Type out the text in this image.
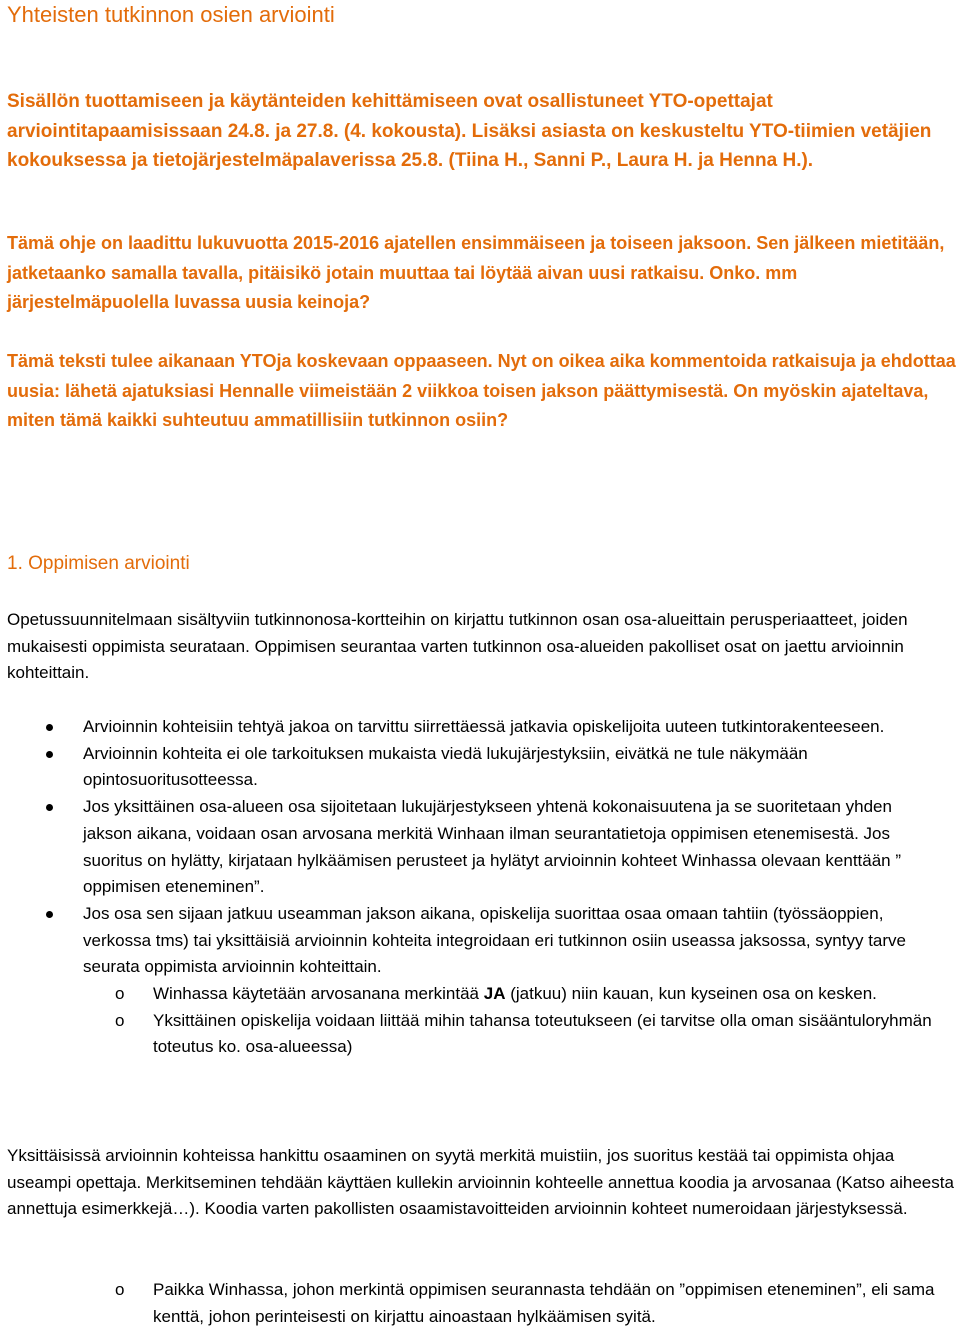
Yhteisten tutkinnon osien arviointi
Sisällön tuottamiseen ja käytänteiden kehittämiseen ovat osallistuneet YTO-opettajat arviointitapaamisissaan 24.8. ja 27.8. (4. kokousta). Lisäksi asiasta on keskusteltu YTO-tiimien vetäjien kokouksessa ja tietojärjestelmäpalaverissa 25.8. (Tiina H., Sanni P., Laura H. ja Henna H.).
Tämä ohje on laadittu lukuvuotta 2015-2016 ajatellen ensimmäiseen ja toiseen jaksoon. Sen jälkeen mietitään, jatketaanko samalla tavalla, pitäisikö jotain muuttaa tai löytää aivan uusi ratkaisu. Onko. mm järjestelmäpuolella luvassa uusia keinoja?
Tämä teksti tulee aikanaan YTOja koskevaan oppaaseen. Nyt on oikea aika kommentoida ratkaisuja ja ehdottaa uusia: lähetä ajatuksiasi Hennalle viimeistään 2 viikkoa toisen jakson päättymisestä. On myöskin ajateltava, miten tämä kaikki suhteutuu ammatillisiin tutkinnon osiin?
1. Oppimisen arviointi
Opetussuunnitelmaan sisältyviin tutkinnonosa-kortteihin on kirjattu tutkinnon osan osa-alueittain perusperiaatteet, joiden mukaisesti oppimista seurataan. Oppimisen seurantaa varten tutkinnon osa-alueiden pakolliset osat on jaettu arvioinnin kohteittain.
Arvioinnin kohteisiin tehtyä jakoa on tarvittu siirrettäessä jatkavia opiskelijoita uuteen tutkintorakenteeseen.
Arvioinnin kohteita ei ole tarkoituksen mukaista viedä lukujärjestyksiin, eivätkä ne tule näkymään opintosuoritusotteessa.
Jos yksittäinen osa-alueen osa sijoitetaan lukujärjestykseen yhtenä kokonaisuutena ja se suoritetaan yhden jakson aikana, voidaan osan arvosana merkitä Winhaan ilman seurantatietoja oppimisen etenemisestä. Jos suoritus on hylätty, kirjataan hylkäämisen perusteet ja hylätyt arvioinnin kohteet Winhassa olevaan kenttään ” oppimisen eteneminen”.
Jos osa sen sijaan jatkuu useamman jakson aikana, opiskelija suorittaa osaa omaan tahtiin (työssäoppien, verkossa tms) tai yksittäisiä arvioinnin kohteita integroidaan eri tutkinnon osiin useassa jaksossa, syntyy tarve seurata oppimista arvioinnin kohteittain.
o Winhassa käytetään arvosanana merkintää JA (jatkuu) niin kauan, kun kyseinen osa on kesken.
o Yksittäinen opiskelija voidaan liittää mihin tahansa toteutukseen (ei tarvitse olla oman sisääntuloryhmän toteutus ko. osa-alueessa)
Yksittäisissä arvioinnin kohteissa hankittu osaaminen on syytä merkitä muistiin, jos suoritus kestää tai oppimista ohjaa useampi opettaja. Merkitseminen tehdään käyttäen kullekin arvioinnin kohteelle annettua koodia ja arvosanaa (Katso aiheesta annettuja esimerkkejä…). Koodia varten pakollisten osaamistavoitteiden arvioinnin kohteet numeroidaan järjestyksessä.
o Paikka Winhassa, johon merkintä oppimisen seurannasta tehdään on ”oppimisen eteneminen”, eli sama kenttä, johon perinteisesti on kirjattu ainoastaan hylkäämisen syitä.
